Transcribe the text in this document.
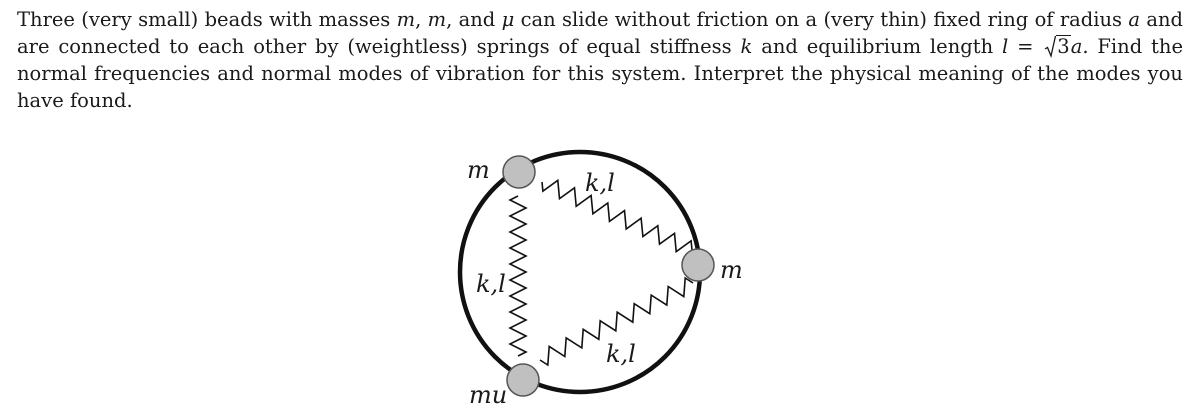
Three (very small) beads with masses m, m, and μ can slide without friction on a (very thin) fixed ring of radius a and are connected to each other by (weightless) springs of equal stiffness k and equilibrium length l = 3a. Find the normal frequencies and normal modes of vibration for this system. Interpret the physical meaning of the modes you have found.

m
m
mu
k,l
k,l
k,l
